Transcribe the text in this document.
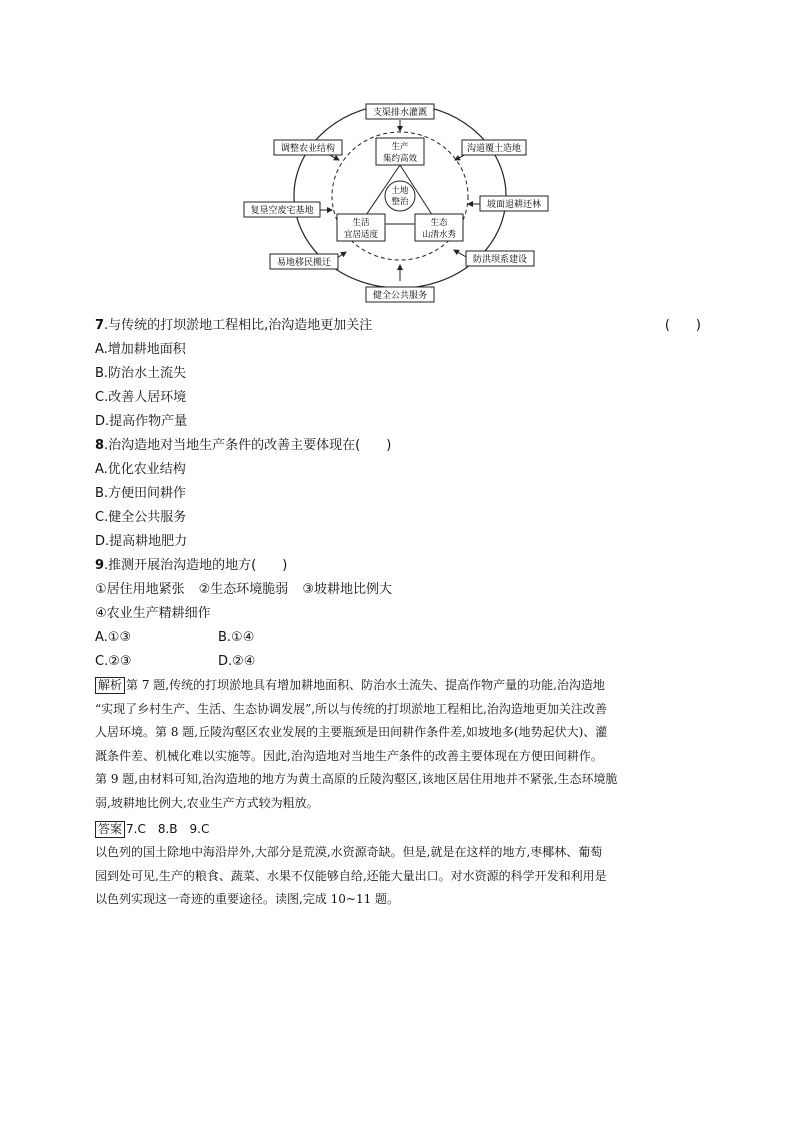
支渠排水灌溉
调整农业结构	沟道覆土造地
复垦空废宅基地
坡面退耕还林
易地移民搬迁	防洪坝系建设
健全公共服务
生产
集约高效
土地
整治
生活
宜居适度
生态
山清水秀
7.与传统的打坝淤地工程相比,治沟造地更加关注	(　　)
A.增加耕地面积
B.防治水土流失
C.改善人居环境
D.提高作物产量
8.治沟造地对当地生产条件的改善主要体现在(　　)
A.优化农业结构
B.方便田间耕作
C.健全公共服务
D.提高耕地肥力
9.推测开展治沟造地的地方(　　)
①居住用地紧张 ②生态环境脆弱 ③坡耕地比例大
④农业生产精耕细作
A.①③	B.①④
C.②③	D.②④
解析 第 7 题,传统的打坝淤地具有增加耕地面积、防治水土流失、提高作物产量的功能,治沟造地
“实现了乡村生产、生活、生态协调发展”,所以与传统的打坝淤地工程相比,治沟造地更加关注改善
人居环境。第 8 题,丘陵沟壑区农业发展的主要瓶颈是田间耕作条件差,如坡地多(地势起伏大)、灌
溉条件差、机械化难以实施等。因此,治沟造地对当地生产条件的改善主要体现在方便田间耕作。
第 9 题,由材料可知,治沟造地的地方为黄土高原的丘陵沟壑区,该地区居住用地并不紧张,生态环境脆
弱,坡耕地比例大,农业生产方式较为粗放。
答案 7.C　8.B　9.C
以色列的国土除地中海沿岸外,大部分是荒漠,水资源奇缺。但是,就是在这样的地方,枣椰林、葡萄
园到处可见,生产的粮食、蔬菜、水果不仅能够自给,还能大量出口。对水资源的科学开发和利用是
以色列实现这一奇迹的重要途径。读图,完成 10~11 题。
